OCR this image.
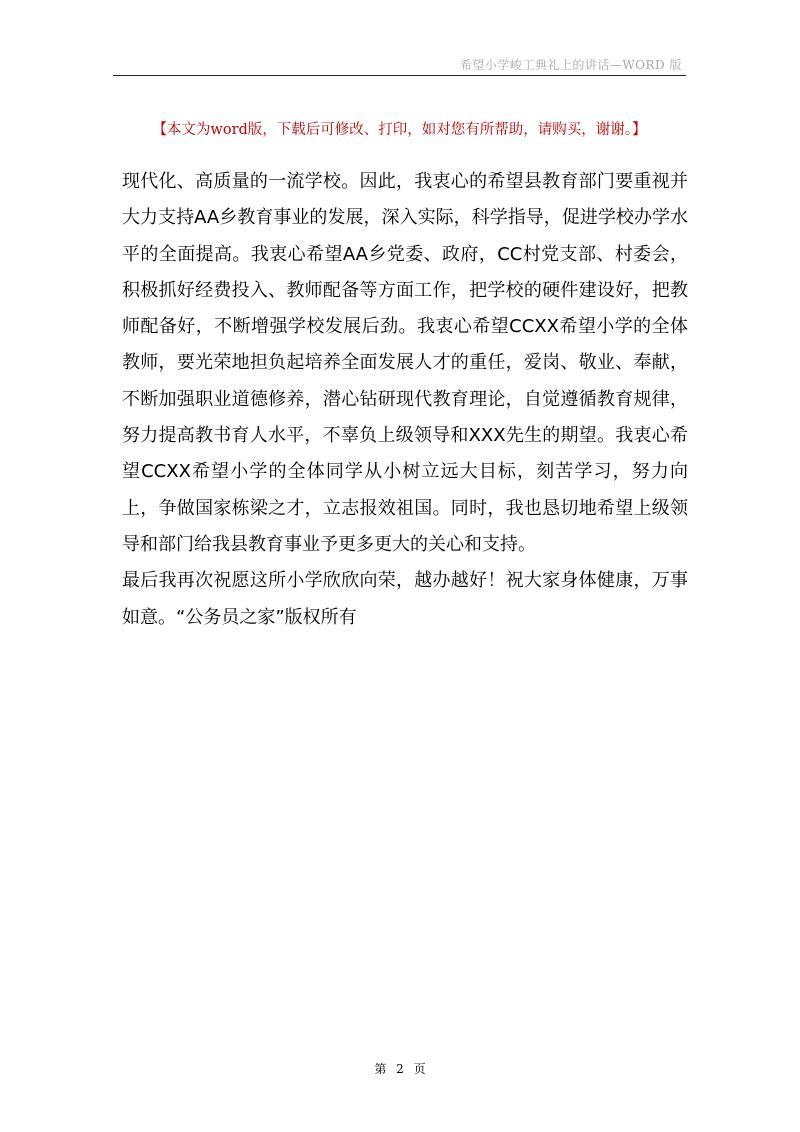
希望小学峻工典礼上的讲话—WORD 版
【本文为word版，下载后可修改、打印，如对您有所帮助，请购买，谢谢。】

现代化、高质量的一流学校。因此，我衷心的希望县教育部门要重视并大力支持AA乡教育事业的发展，深入实际，科学指导，促进学校办学水平的全面提高。我衷心希望AA乡党委、政府，CC村党支部、村委会，积极抓好经费投入、教师配备等方面工作，把学校的硬件建设好，把教师配备好，不断增强学校发展后劲。我衷心希望CCXX希望小学的全体教师，要光荣地担负起培养全面发展人才的重任，爱岗、敬业、奉献，不断加强职业道德修养，潜心钻研现代教育理论，自觉遵循教育规律，努力提高教书育人水平，不辜负上级领导和XXX先生的期望。我衷心希望CCXX希望小学的全体同学从小树立远大目标，刻苦学习，努力向上，争做国家栋梁之才，立志报效祖国。同时，我也恳切地希望上级领导和部门给我县教育事业予更多更大的关心和支持。

最后我再次祝愿这所小学欣欣向荣，越办越好！祝大家身体健康，万事如意。“公务员之家”版权所有

第 2 页
